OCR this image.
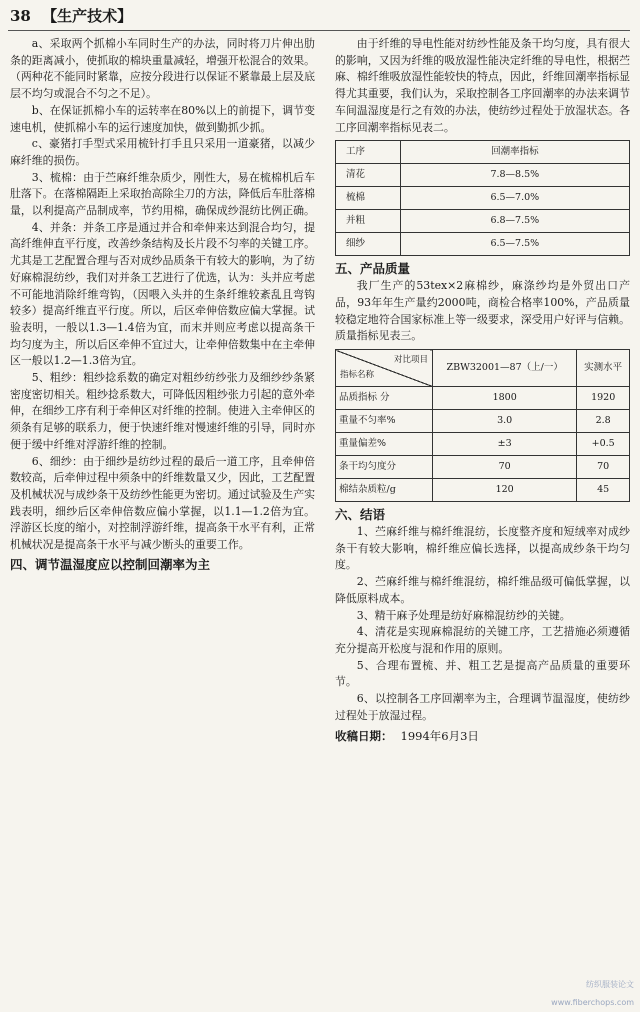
38 【生产技术】

a、采取两个抓棉小车同时生产的办法，同时将刀片伸出肋条的距离减小，使抓取的棉块重量减轻，增强开松混合的效果。（两种花不能同时紧靠，应按分段进行以保证不紧靠最上层及底层不均匀或混合不匀之不足）。

b、在保证抓棉小车的运转率在80%以上的前提下，调节变速电机，使抓棉小车的运行速度加快，做到勤抓少抓。

c、豪猪打手型式采用梳针打手且只采用一道豪猪，以减少麻纤维的损伤。

3、梳棉：由于苎麻纤维杂质少，刚性大，易在梳棉机后车肚落下。在落棉隔距上采取抬高除尘刀的方法，降低后车肚落棉量，以利提高产品制成率，节约用棉，确保成纱混纺比例正确。

4、并条：并条工序是通过并合和牵伸来达到混合均匀，提高纤维伸直平行度，改善纱条结构及长片段不匀率的关键工序。尤其是工艺配置合理与否对成纱品质条干有较大的影响，为了纺好麻棉混纺纱，我们对并条工艺进行了优选，认为：头并应考虑不可能地消除纤维弯钩，（因喂入头并的生条纤维较紊乱且弯钩较多）提高纤维直平行度。所以，后区牵伸倍数应偏大掌握。试验表明，一般以1.3—1.4倍为宜，而末并则应考虑以提高条干均匀度为主，所以后区牵伸不宜过大，让牵伸倍数集中在主牵伸区一般以1.2—1.3倍为宜。

5、粗纱：粗纱捻系数的确定对粗纱纺纱张力及细纱纱条紧密度密切相关。粗纱捻系数大，可降低因粗纱张力引起的意外牵伸，在细纱工序有利于牵伸区对纤维的控制。使进入主牵伸区的须条有足够的联系力，便于快速纤维对慢速纤维的引导，同时亦便于缓中纤维对浮游纤维的控制。

6、细纱：由于细纱是纺纱过程的最后一道工序，且牵伸倍数较高，后牵伸过程中须条中的纤维数量又少，因此，工艺配置及机械状况与成纱条干及纺纱性能更为密切。通过试验及生产实践表明，细纱后区牵伸倍数应偏小掌握，以1.1—1.2倍为宜。浮游区长度的缩小，对控制浮游纤维，提高条干水平有利，正常机械状况是提高条干水平与减少断头的重要工作。

四、调节温湿度应以控制回潮率为主

由于纤维的导电性能对纺纱性能及条干均匀度，具有很大的影响，又因为纤维的吸放湿性能决定纤维的导电性，根据苎麻、棉纤维吸放湿性能较快的特点，因此，纤维回潮率指标显得尤其重要，我们认为，采取控制各工序回潮率的办法来调节车间温湿度是行之有效的办法，使纺纱过程处于放湿状态。各工序回潮率指标见表二。

工序	回潮率指标
清花	7.8—8.5%
梳棉	6.5—7.0%
并粗	6.8—7.5%
细纱	6.5—7.5%
五、产品质量

我厂生产的53tex×2麻棉纱，麻涤纱均是外贸出口产品，93年年生产量约2000吨，商检合格率100%，产品质量较稳定地符合国家标准上等一级要求，深受用户好评与信赖。质量指标见表三。

对比项目
指标名称	ZBW32001—87（上/一）	实测水平
品质指标 分	1800	1920
重量不匀率%	3.0	2.8
重量偏差%	±3	+0.5
条干均匀度分	70	70
棉结杂质粒/g	120	45
六、结语

1、苎麻纤维与棉纤维混纺，长度整齐度和短绒率对成纱条干有较大影响，棉纤维应偏长选择，以提高成纱条干均匀度。

2、苎麻纤维与棉纤维混纺，棉纤维品级可偏低掌握，以降低原料成本。

3、精干麻予处理是纺好麻棉混纺纱的关键。

4、清花是实现麻棉混纺的关键工序，工艺措施必须遵循充分提高开松度与混和作用的原则。

5、合理布置梳、并、粗工艺是提高产品质量的重要环节。

6、以控制各工序回潮率为主，合理调节温湿度，使纺纱过程处于放湿过程。

收稿日期： 1994年6月3日

纺织服装论文www.fiberchops.com
